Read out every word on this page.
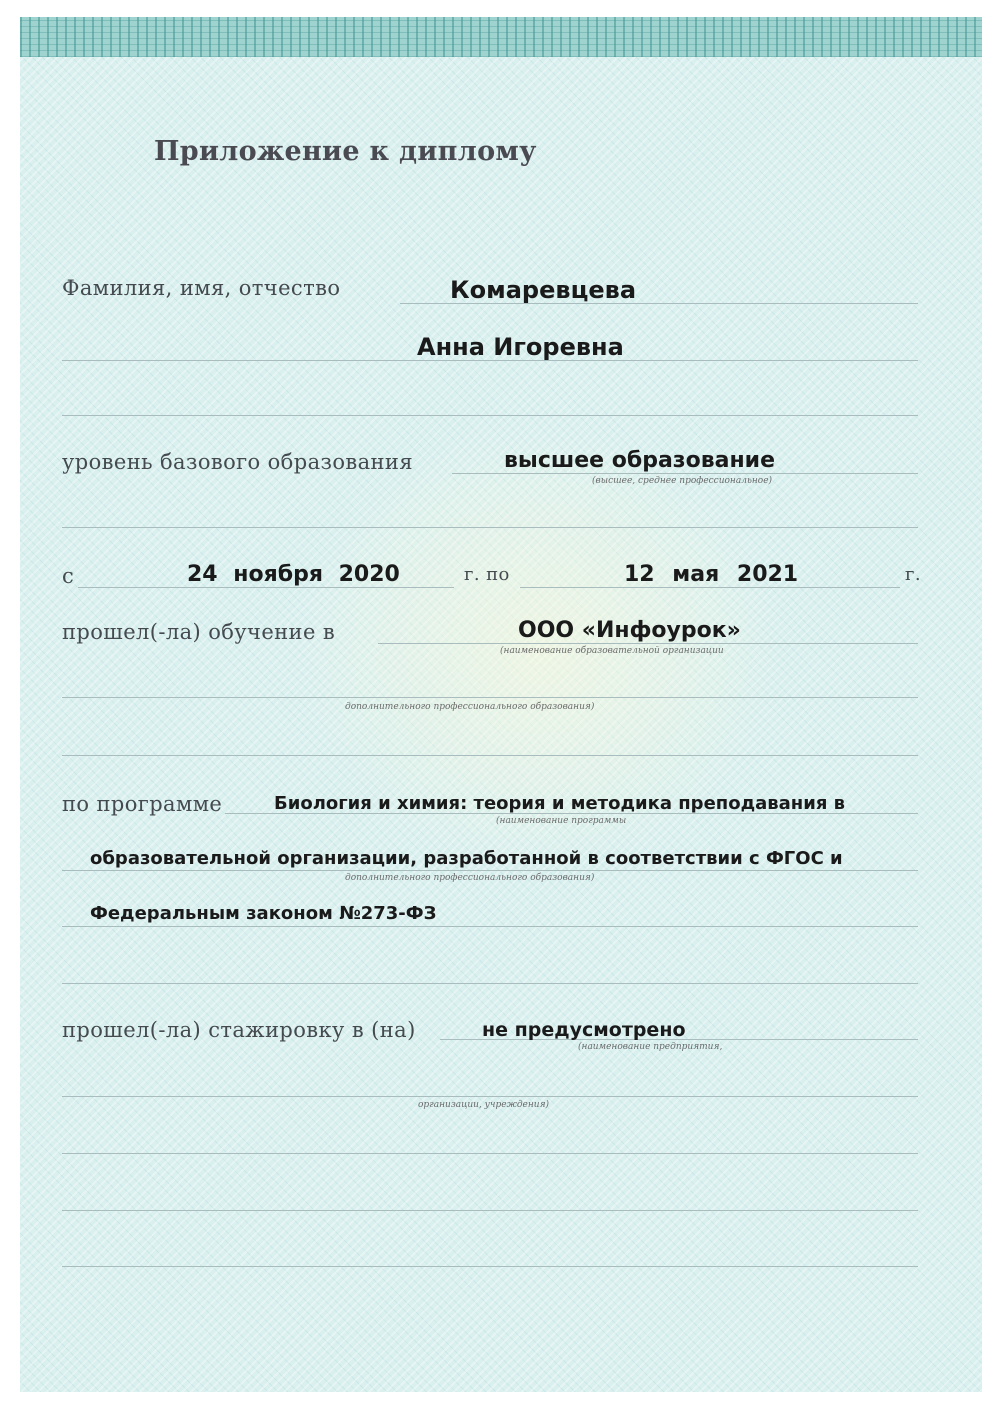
Приложение к диплому
Фамилия, имя, отчество	Комаревцева
Анна Игоревна
уровень базового образования	высшее образование
(высшее, среднее профессиональное)
с	24 ноября 2020	г. по	12 мая 2021	г.
прошел(-ла) обучение в	ООО «Инфоурок»
(наименование образовательной организации
дополнительного профессионального образования)
по программе	Биология и химия: теория и методика преподавания в
(наименование программы
образовательной организации, разработанной в соответствии с ФГОС и
дополнительного профессионального образования)
Федеральным законом №273-ФЗ
прошел(-ла) стажировку в (на)	не предусмотрено
(наименование предприятия,
организации, учреждения)
